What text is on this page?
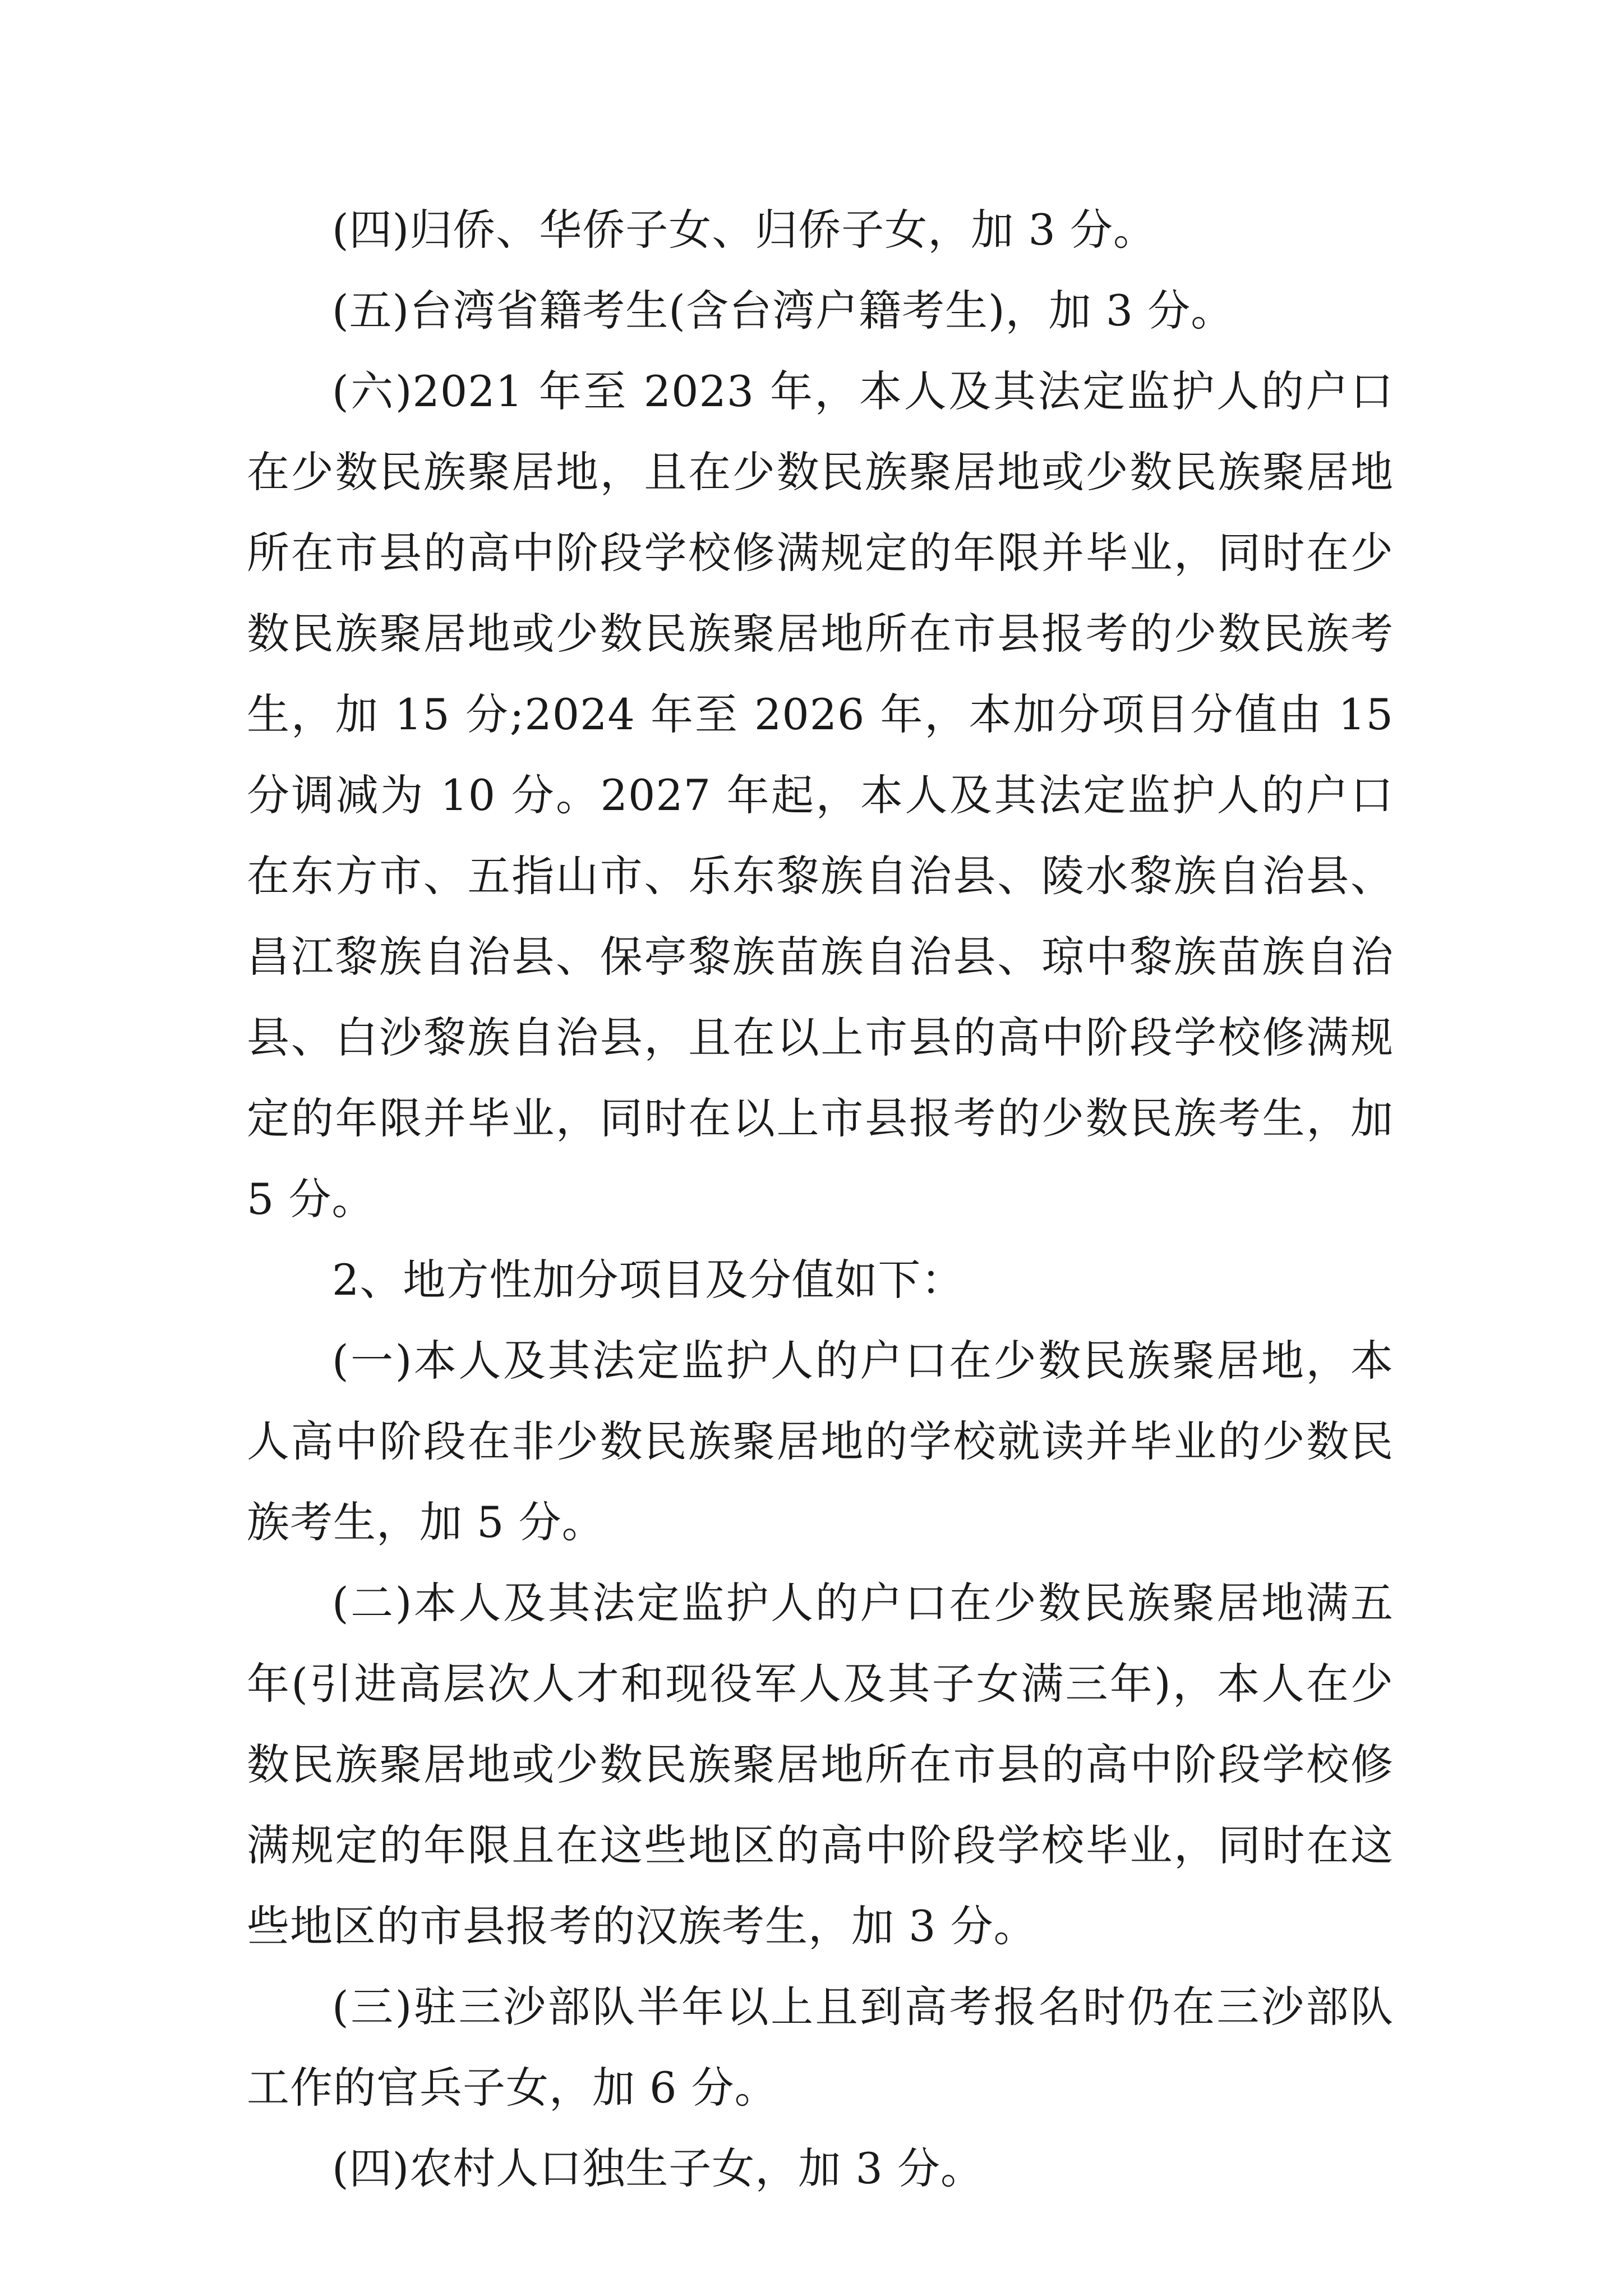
(四)归侨、华侨子女、归侨子女，加 3 分。

(五)台湾省籍考生(含台湾户籍考生)，加 3 分。

(六)2021 年至 2023 年，本人及其法定监护人的户口在少数民族聚居地，且在少数民族聚居地或少数民族聚居地所在市县的高中阶段学校修满规定的年限并毕业，同时在少数民族聚居地或少数民族聚居地所在市县报考的少数民族考生，加 15 分;2024 年至 2026 年，本加分项目分值由 15 分调减为 10 分。2027 年起，本人及其法定监护人的户口在东方市、五指山市、乐东黎族自治县、陵水黎族自治县、昌江黎族自治县、保亭黎族苗族自治县、琼中黎族苗族自治县、白沙黎族自治县，且在以上市县的高中阶段学校修满规定的年限并毕业，同时在以上市县报考的少数民族考生，加 5 分。

2、地方性加分项目及分值如下：

(一)本人及其法定监护人的户口在少数民族聚居地，本人高中阶段在非少数民族聚居地的学校就读并毕业的少数民族考生，加 5 分。

(二)本人及其法定监护人的户口在少数民族聚居地满五年(引进高层次人才和现役军人及其子女满三年)，本人在少数民族聚居地或少数民族聚居地所在市县的高中阶段学校修满规定的年限且在这些地区的高中阶段学校毕业，同时在这些地区的市县报考的汉族考生，加 3 分。

(三)驻三沙部队半年以上且到高考报名时仍在三沙部队工作的官兵子女，加 6 分。

(四)农村人口独生子女，加 3 分。
